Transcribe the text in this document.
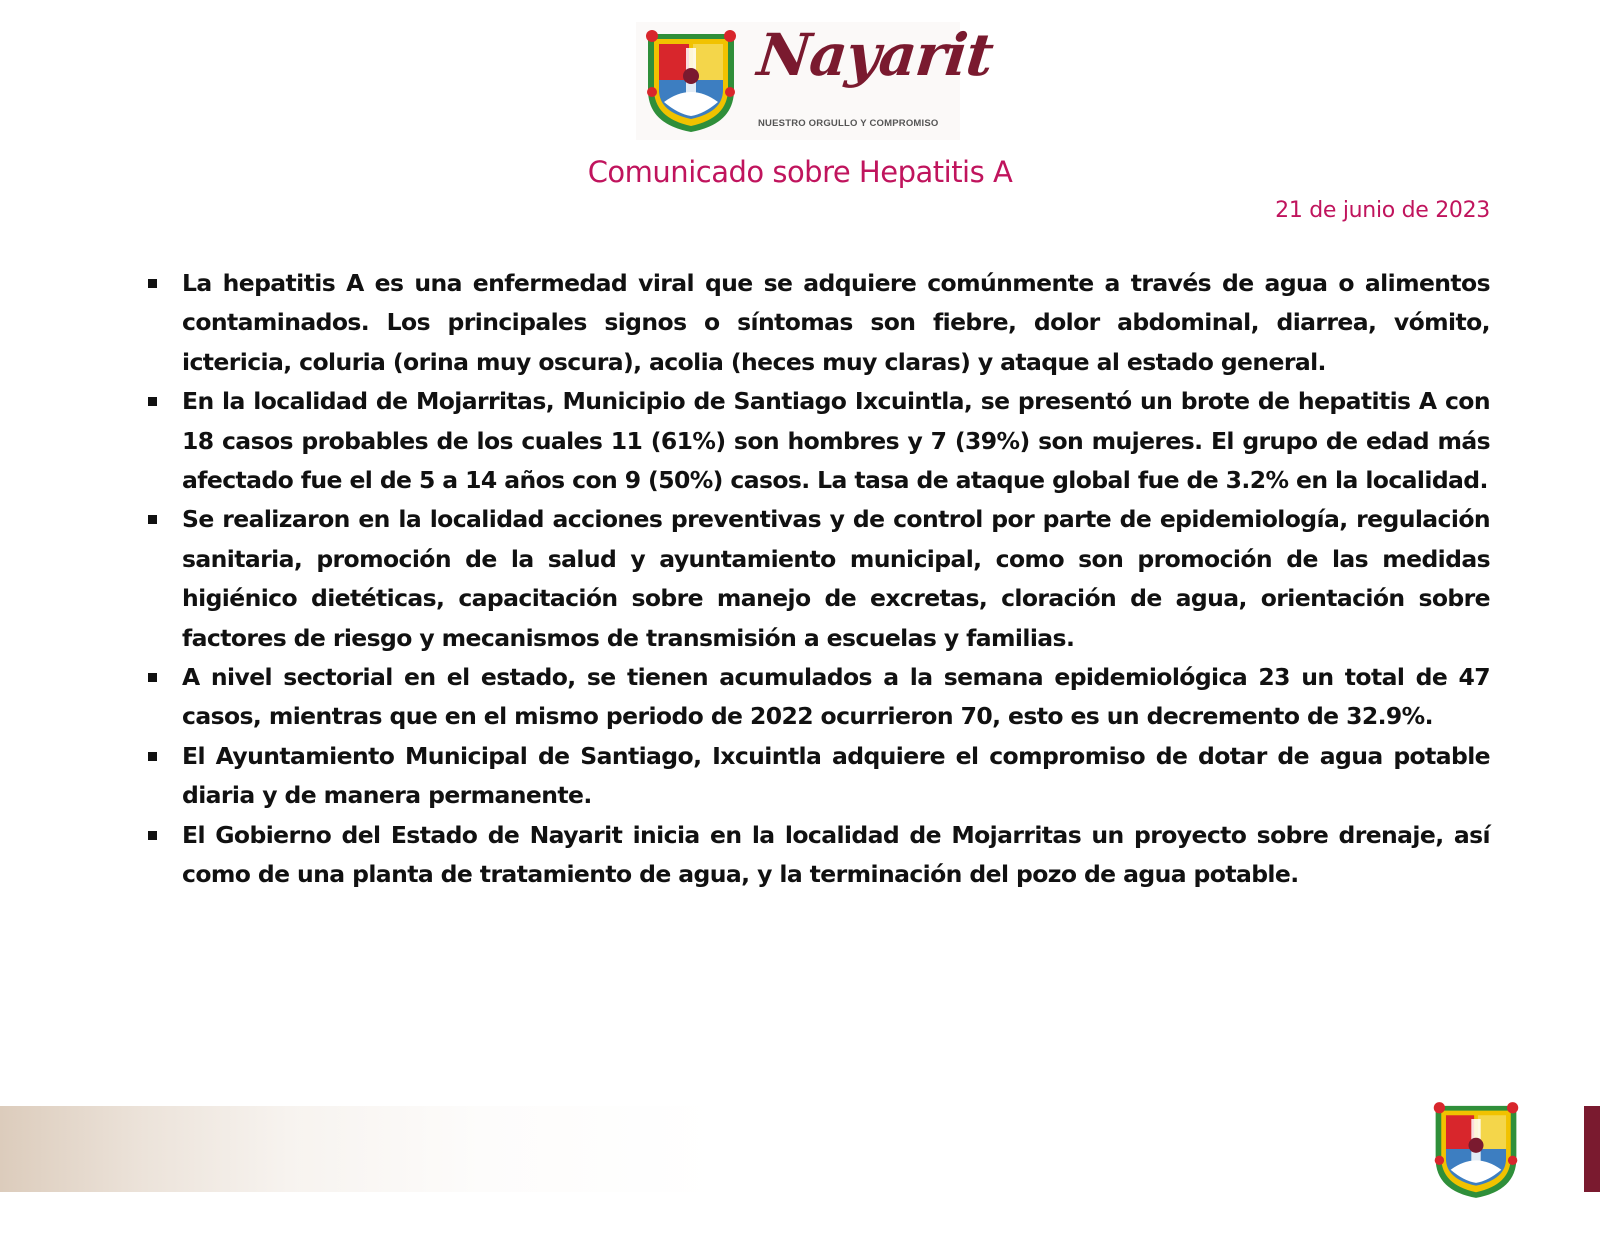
Nayarit
NUESTRO ORGULLO Y COMPROMISO
Comunicado sobre Hepatitis A
21 de junio de 2023
La hepatitis A es una enfermedad viral que se adquiere comúnmente a través de agua o alimentos contaminados. Los principales signos o síntomas son fiebre, dolor abdominal, diarrea, vómito, ictericia, coluria (orina muy oscura), acolia (heces muy claras) y ataque al estado general.
En la localidad de Mojarritas, Municipio de Santiago Ixcuintla, se presentó un brote de hepatitis A con 18 casos probables de los cuales 11 (61%) son hombres y 7 (39%) son mujeres. El grupo de edad más afectado fue el de 5 a 14 años con 9 (50%) casos. La tasa de ataque global fue de 3.2% en la localidad.
Se realizaron en la localidad acciones preventivas y de control por parte de epidemiología, regulación sanitaria, promoción de la salud y ayuntamiento municipal, como son promoción de las medidas higiénico dietéticas, capacitación sobre manejo de excretas, cloración de agua, orientación sobre factores de riesgo y mecanismos de transmisión a escuelas y familias.
A nivel sectorial en el estado, se tienen acumulados a la semana epidemiológica 23 un total de 47 casos, mientras que en el mismo periodo de 2022 ocurrieron 70, esto es un decremento de 32.9%.
El Ayuntamiento Municipal de Santiago, Ixcuintla adquiere el compromiso de dotar de agua potable diaria y de manera permanente.
El Gobierno del Estado de Nayarit inicia en la localidad de Mojarritas un proyecto sobre drenaje, así como de una planta de tratamiento de agua, y la terminación del pozo de agua potable.
